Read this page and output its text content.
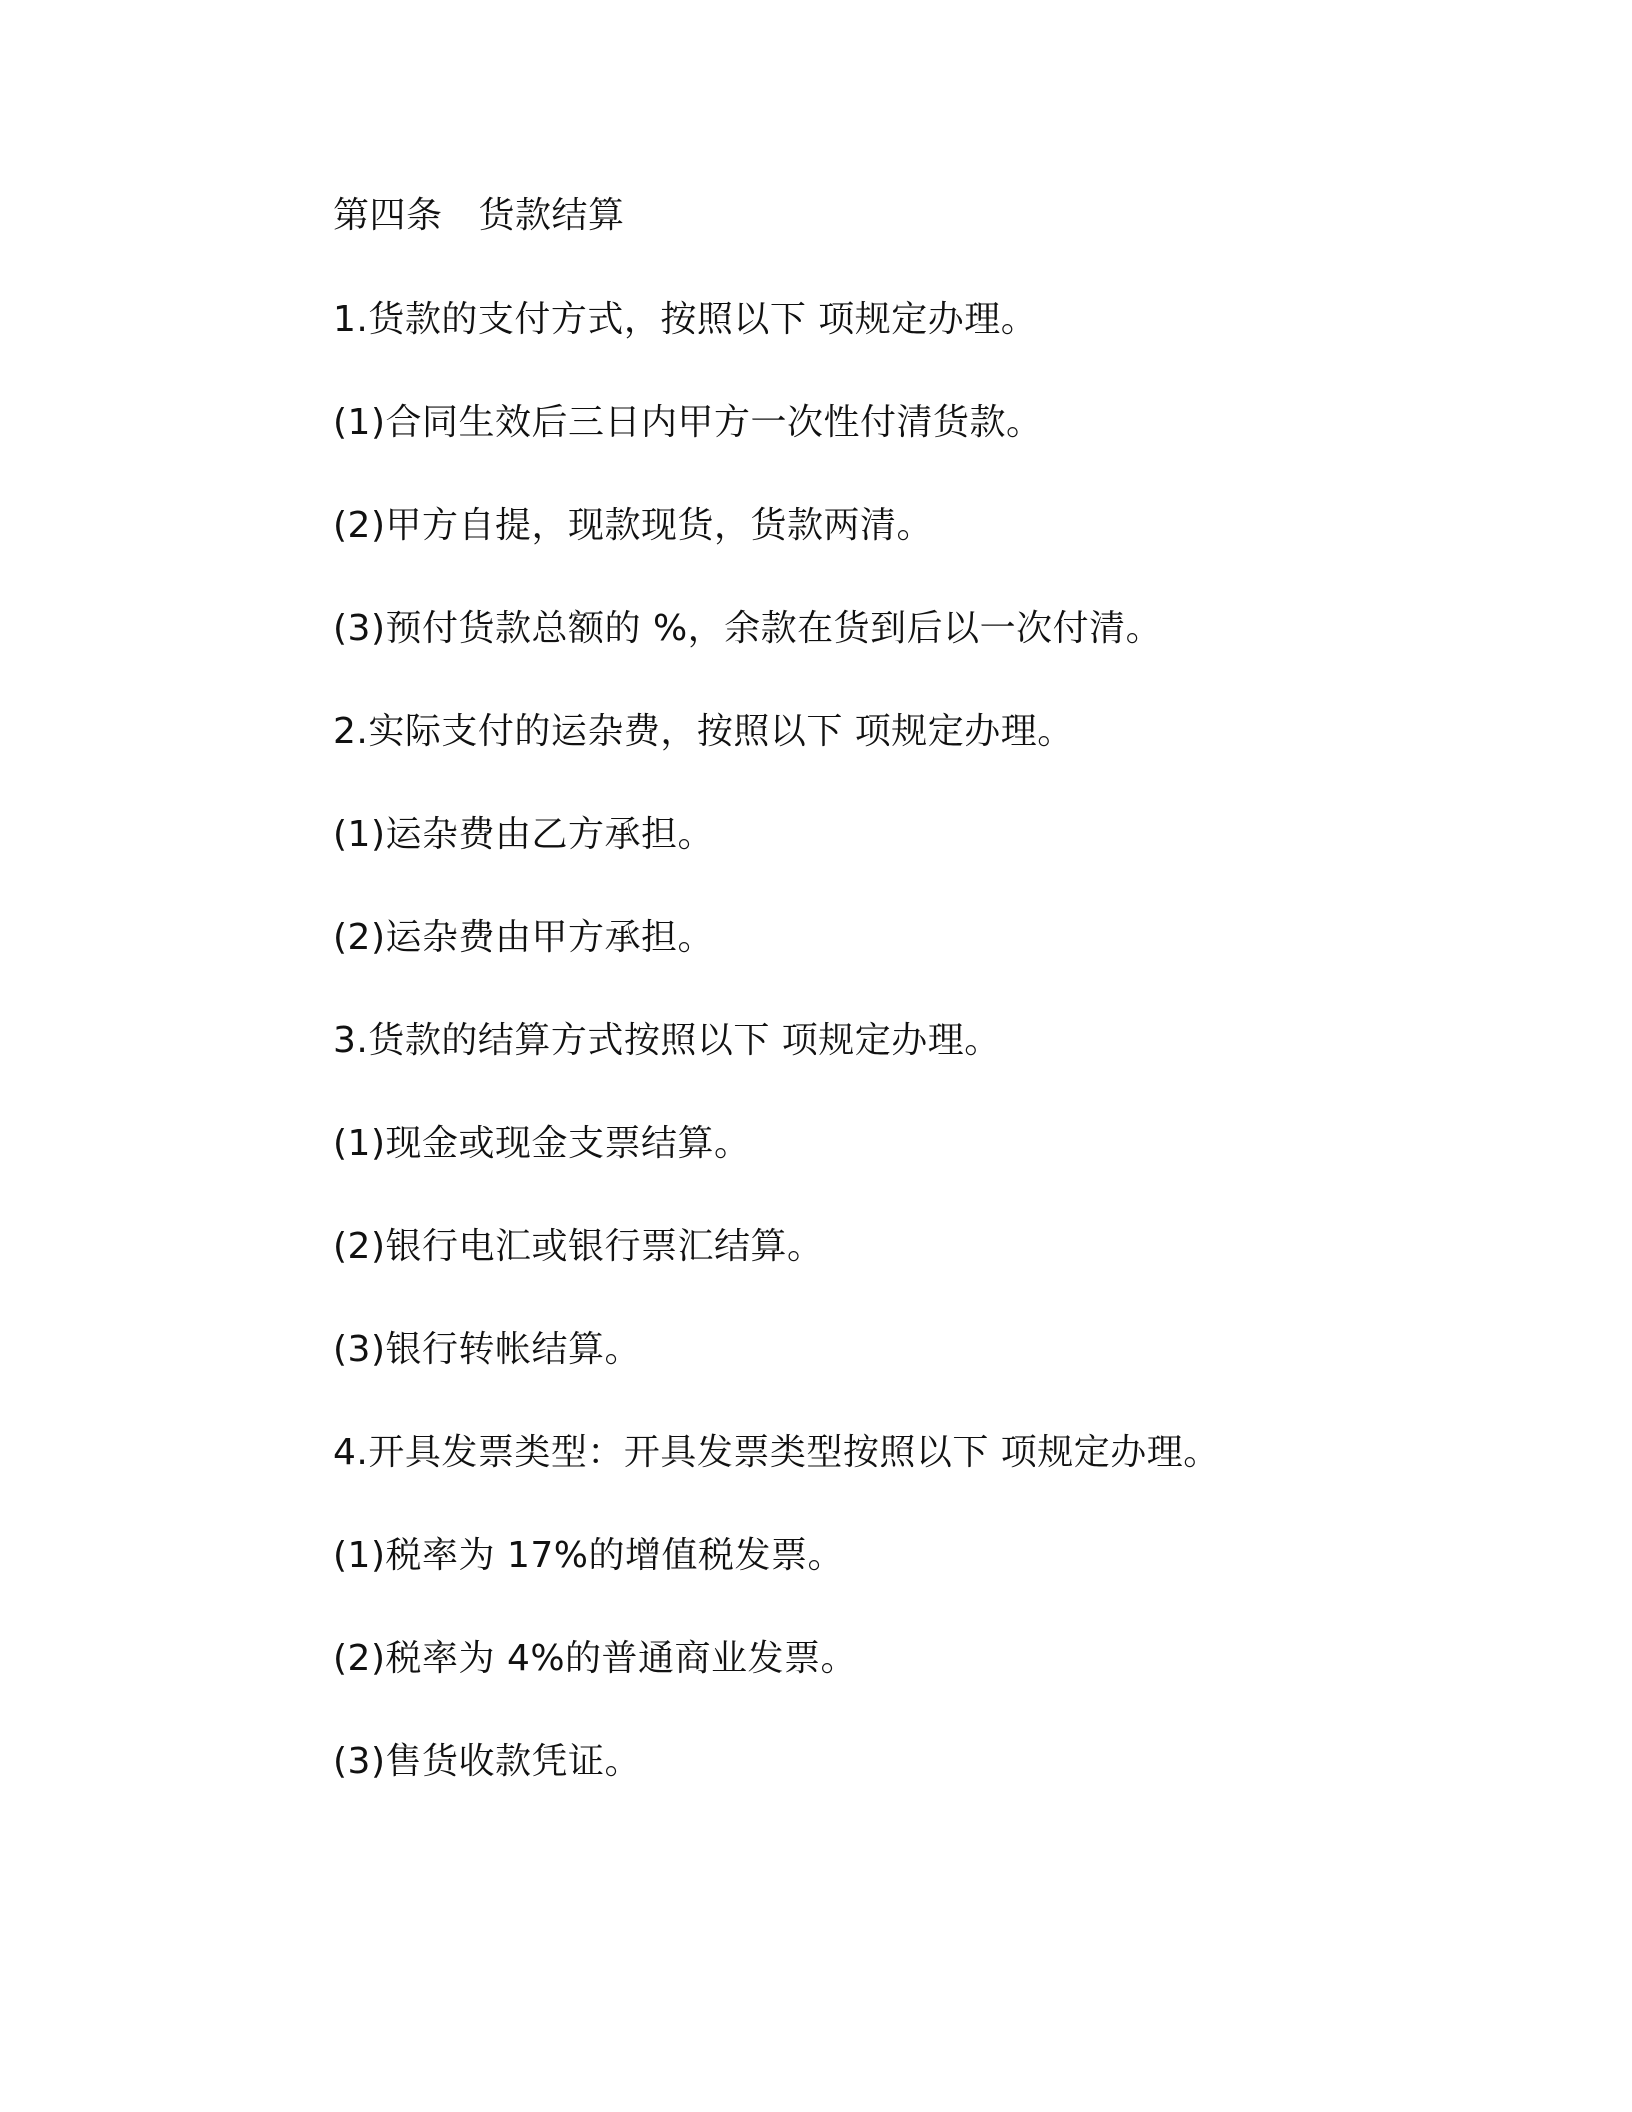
第四条 货款结算
1.货款的支付方式，按照以下 项规定办理。
(1)合同生效后三日内甲方一次性付清货款。
(2)甲方自提，现款现货，货款两清。
(3)预付货款总额的 %，余款在货到后以一次付清。
2.实际支付的运杂费，按照以下 项规定办理。
(1)运杂费由乙方承担。
(2)运杂费由甲方承担。
3.货款的结算方式按照以下 项规定办理。
(1)现金或现金支票结算。
(2)银行电汇或银行票汇结算。
(3)银行转帐结算。
4.开具发票类型：开具发票类型按照以下 项规定办理。
(1)税率为 17%的增值税发票。
(2)税率为 4%的普通商业发票。
(3)售货收款凭证。
